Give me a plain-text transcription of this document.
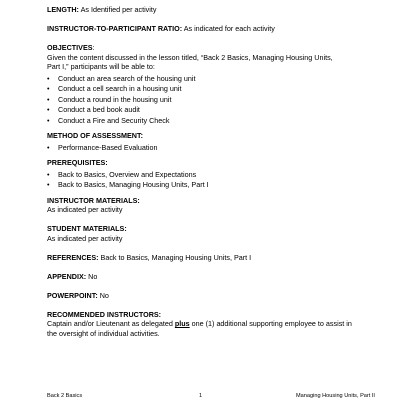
LENGTH: As Identified per activity

INSTRUCTOR-TO-PARTICIPANT RATIO: As indicated for each activity

OBJECTIVES:

Given the content discussed in the lesson titled, “Back 2 Basics, Managing Housing Units,

Part I,” participants will be able to:

• Conduct an area search of the housing unit
• Conduct a cell search in a housing unit
• Conduct a round in the housing unit
• Conduct a bed book audit
• Conduct a Fire and Security Check

METHOD OF ASSESSMENT:

• Performance-Based Evaluation

PREREQUISITES:

• Back to Basics, Overview and Expectations
• Back to Basics, Managing Housing Units, Part I

INSTRUCTOR MATERIALS:

As indicated per activity

STUDENT MATERIALS:

As indicated per activity

REFERENCES: Back to Basics, Managing Housing Units, Part I

APPENDIX: No

POWERPOINT: No

RECOMMENDED INSTRUCTORS:

Captain and/or Lieutenant as delegated plus one (1) additional supporting employee to assist in

the oversight of individual activities.

Back 2 Basics	1	Managing Housing Units, Part II
